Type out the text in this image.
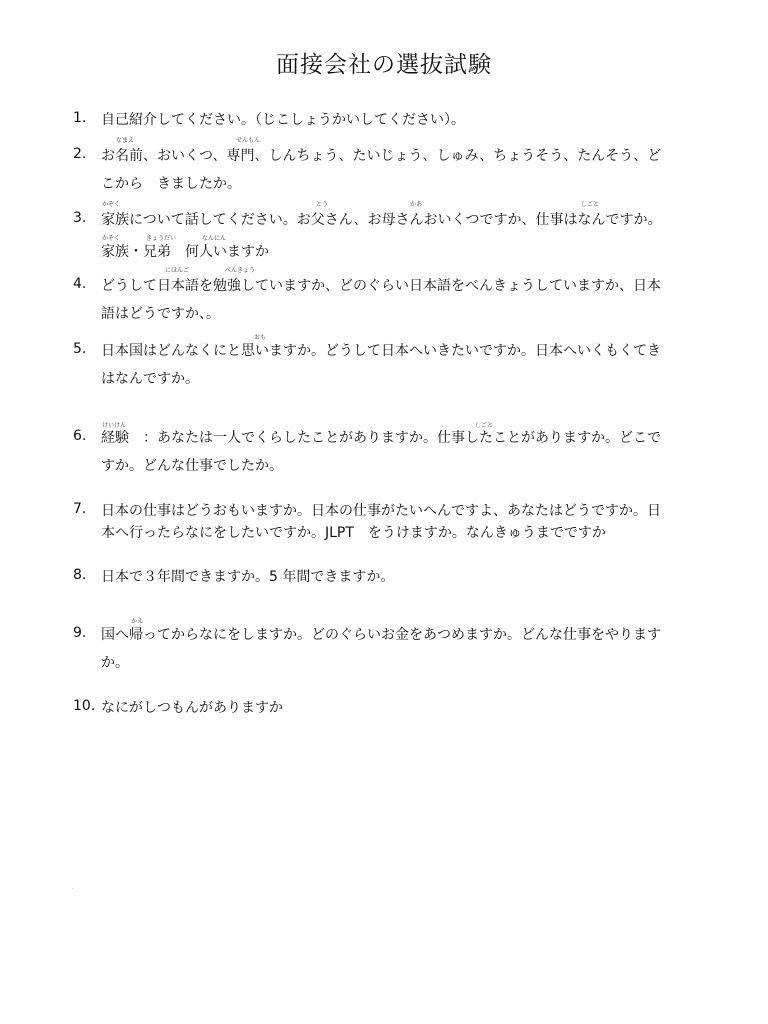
面接会社の選抜試験
1.	自己紹介してください。（じこしょうかいしてください）。
なまえ	せんもん
2.	お名前、おいくつ、専門、しんちょう、たいじょう、しゅみ、ちょうそう、たんそう、ど
こから　きましたか。
かぞく	とう	かあ	しごと
3.	家族について話してください。お父さん、お母さんおいくつですか、仕事はなんですか。
かぞく	きょうだい	なんにん
家族・兄弟　何人いますか
にほんご	べんきょう
4.	どうして日本語を勉強していますか、どのぐらい日本語をべんきょうしていますか、日本
語はどうですか、。
おも
5.	日本国はどんなくにと思いますか。どうして日本へいきたいですか。日本へいくもくてき
はなんですか。
けいけん	しごと
6.	経験　：あなたは一人でくらしたことがありますか。仕事したことがありますか。どこで
すか。どんな仕事でしたか。
7.	日本の仕事はどうおもいますか。日本の仕事がたいへんですよ、あなたはどうですか。日
本へ行ったらなにをしたいですか。JLPT　をうけますか。なんきゅうまでですか
8.	日本で３年間できますか。5 年間できますか。
かえ
9.	国へ帰ってからなにをしますか。どのぐらいお金をあつめますか。どんな仕事をやります
か。
10. なにがしつもんがありますか
·
